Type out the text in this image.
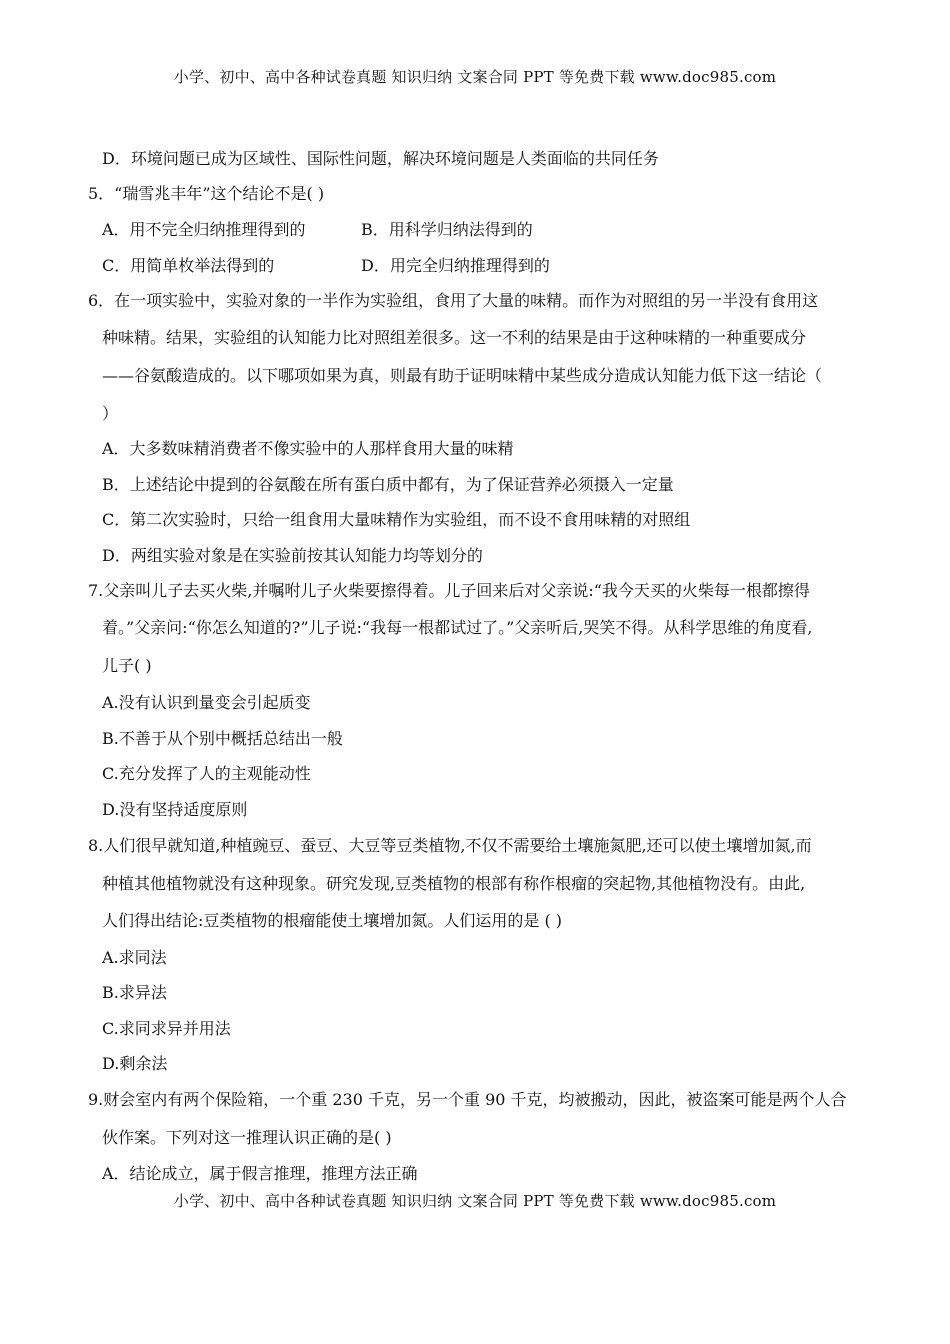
小学、初中、高中各种试卷真题 知识归纳 文案合同 PPT 等免费下载 www.doc985.com
D．环境问题已成为区域性、国际性问题，解决环境问题是人类面临的共同任务
5．“瑞雪兆丰年”这个结论不是( )
A．用不完全归纳推理得到的	B．用科学归纳法得到的
C．用简单枚举法得到的	D．用完全归纳推理得到的
6．在一项实验中，实验对象的一半作为实验组，食用了大量的味精。而作为对照组的另一半没有食用这
种味精。结果，实验组的认知能力比对照组差很多。这一不利的结果是由于这种味精的一种重要成分
——谷氨酸造成的。以下哪项如果为真，则最有助于证明味精中某些成分造成认知能力低下这一结论（
）
A．大多数味精消费者不像实验中的人那样食用大量的味精
B．上述结论中提到的谷氨酸在所有蛋白质中都有，为了保证营养必须摄入一定量
C．第二次实验时，只给一组食用大量味精作为实验组，而不设不食用味精的对照组
D．两组实验对象是在实验前按其认知能力均等划分的
7.父亲叫儿子去买火柴,并嘱咐儿子火柴要擦得着。儿子回来后对父亲说:“我今天买的火柴每一根都擦得
着。”父亲问:“你怎么知道的?”儿子说:“我每一根都试过了。”父亲听后,哭笑不得。从科学思维的角度看,
儿子( )
A.没有认识到量变会引起质变
B.不善于从个别中概括总结出一般
C.充分发挥了人的主观能动性
D.没有坚持适度原则
8.人们很早就知道,种植豌豆、蚕豆、大豆等豆类植物,不仅不需要给土壤施氮肥,还可以使土壤增加氮,而
种植其他植物就没有这种现象。研究发现,豆类植物的根部有称作根瘤的突起物,其他植物没有。由此,
人们得出结论:豆类植物的根瘤能使土壤增加氮。人们运用的是 ( )
A.求同法
B.求异法
C.求同求异并用法
D.剩余法
9.财会室内有两个保险箱，一个重 230 千克，另一个重 90 千克，均被搬动，因此，被盗案可能是两个人合
伙作案。下列对这一推理认识正确的是( )
A．结论成立，属于假言推理，推理方法正确
小学、初中、高中各种试卷真题 知识归纳 文案合同 PPT 等免费下载 www.doc985.com
